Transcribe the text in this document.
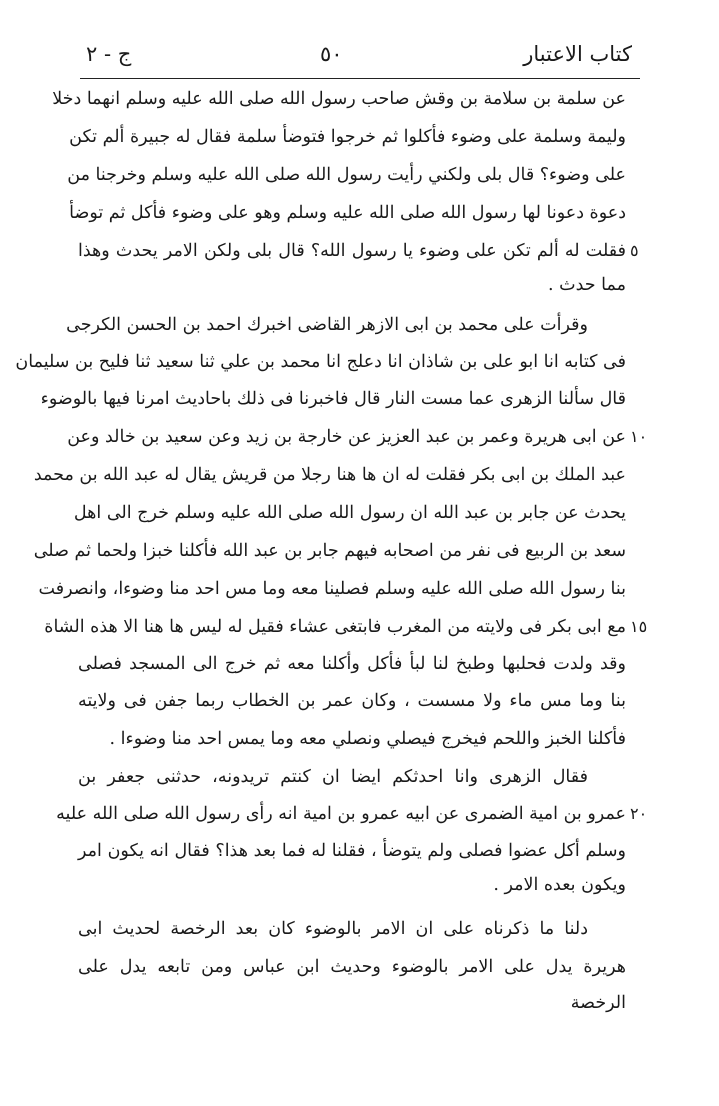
كتاب الاعتبار
٥٠
ج - ٢
عن سلمة بن سلامة بن وقش صاحب رسول الله صلى الله عليه وسلم انهما دخلا
وليمة وسلمة على وضوء فأكلوا ثم خرجوا فتوضأ سلمة فقال له جبيرة ألم تكن
على وضوء؟ قال بلى ولكني رأيت رسول الله صلى الله عليه وسلم وخرجنا من
دعوة دعونا لها رسول الله صلى الله عليه وسلم وهو على وضوء فأكل ثم توضأ
فقلت له ألم تكن على وضوء يا رسول الله؟ قال بلى ولكن الامر يحدث وهذا
مما حدث .
وقرأت على محمد بن ابى الازهر القاضى اخبرك احمد بن الحسن الكرجى
فى كتابه انا ابو على بن شاذان انا دعلج انا محمد بن علي ثنا سعيد ثنا فليح بن سليمان
قال سألنا الزهرى عما مست النار قال فاخبرنا فى ذلك باحاديث امرنا فيها بالوضوء
عن ابى هريرة وعمر بن عبد العزيز عن خارجة بن زيد وعن سعيد بن خالد وعن
عبد الملك بن ابى بكر فقلت له ان ها هنا رجلا من قريش يقال له عبد الله بن محمد
يحدث عن جابر بن عبد الله ان رسول الله صلى الله عليه وسلم خرج الى اهل
سعد بن الربيع فى نفر من اصحابه فيهم جابر بن عبد الله فأكلنا خبزا ولحما ثم صلى
بنا رسول الله صلى الله عليه وسلم فصلينا معه وما مس احد منا وضوءا، وانصرفت
مع ابى بكر فى ولايته من المغرب فابتغى عشاء فقيل له ليس ها هنا الا هذه الشاة
وقد ولدت فحلبها وطبخ لنا لبأ فأكل وأكلنا معه ثم خرج الى المسجد فصلى
بنا وما مس ماء ولا مسست ، وكان عمر بن الخطاب ربما جفن فى ولايته
فأكلنا الخبز واللحم فيخرج فيصلي ونصلي معه وما يمس احد منا وضوءا .
فقال الزهرى وانا احدثكم ايضا ان كنتم تريدونه، حدثنى جعفر بن
عمرو بن امية الضمرى عن ابيه عمرو بن امية انه رأى رسول الله صلى الله عليه
وسلم أكل عضوا فصلى ولم يتوضأ ، فقلنا له فما بعد هذا؟ فقال انه يكون امر
ويكون بعده الامر .
دلنا ما ذكرناه على ان الامر بالوضوء كان بعد الرخصة لحديث ابى
هريرة يدل على الامر بالوضوء وحديث ابن عباس ومن تابعه يدل على
الرخصة
٥
١٠
١٥
٢٠
